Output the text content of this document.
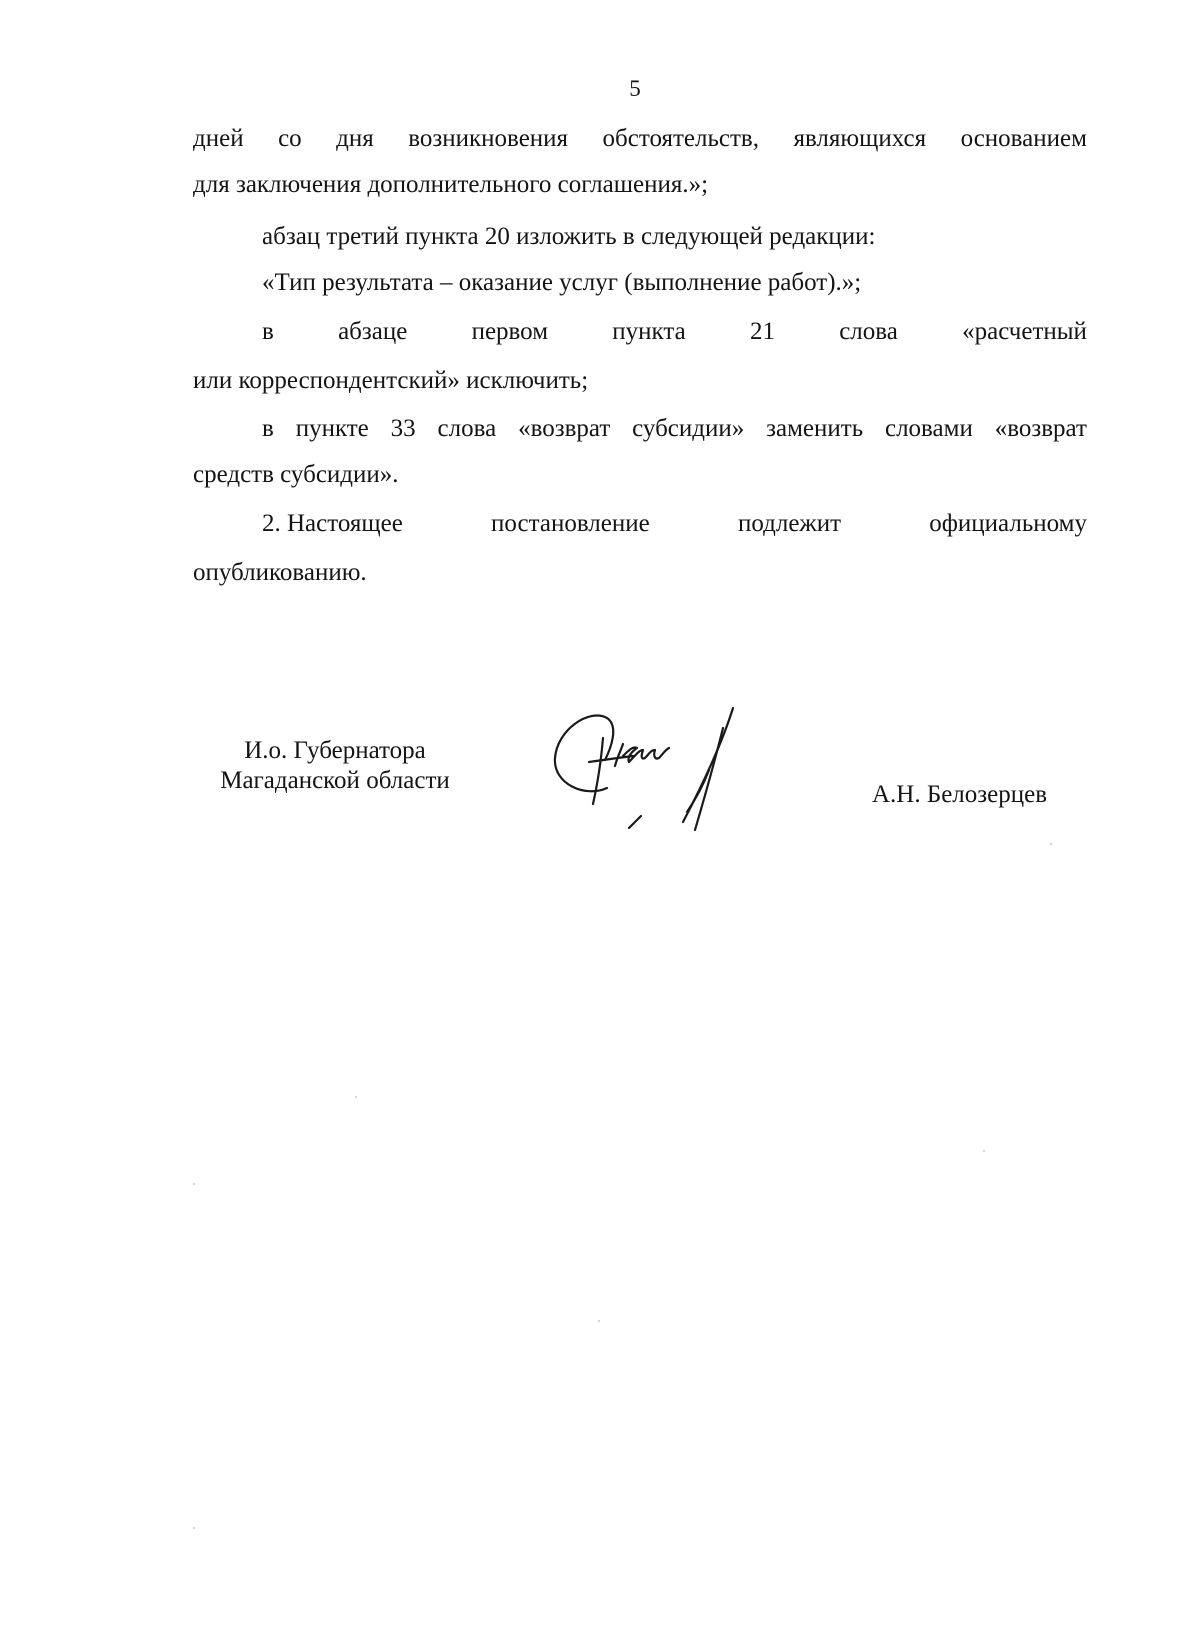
5
дней со дня возникновения обстоятельств, являющихся основанием
для заключения дополнительного соглашения.»;
абзац третий пункта 20 изложить в следующей редакции:
«Тип результата – оказание услуг (выполнение работ).»;
в	абзаце	первом	пункта	21	слова	«расчетный
или корреспондентский» исключить;
в пункте 33 слова «возврат субсидии» заменить словами «возврат
средств субсидии».
2. Настоящее	постановление	подлежит	официальному
опубликованию.
И.о. Губернатора
Магаданской области
А.Н. Белозерцев
